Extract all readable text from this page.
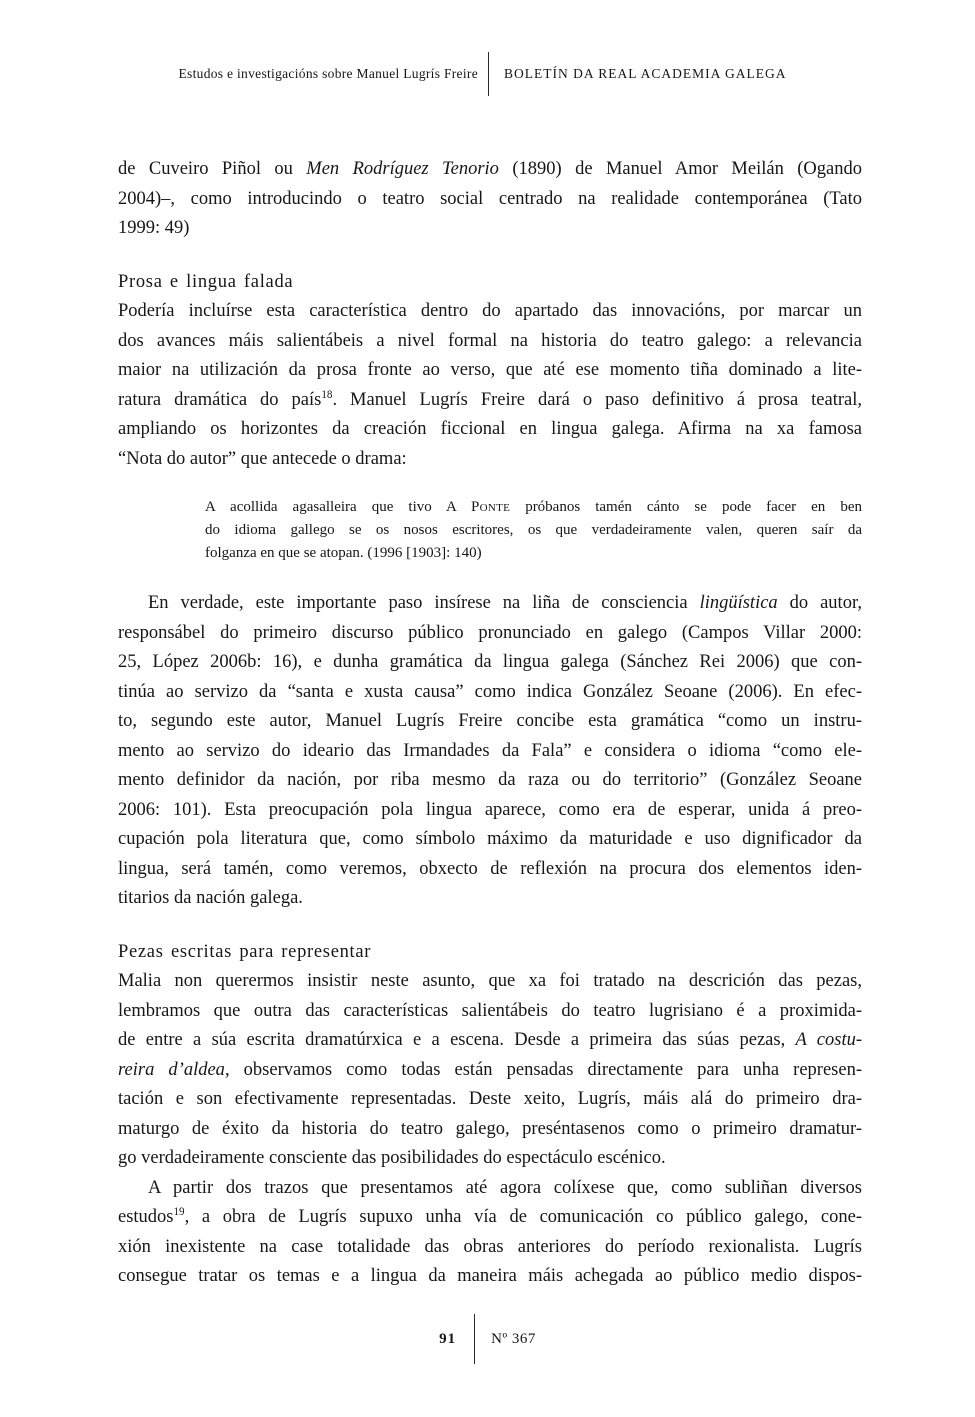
Estudos e investigacións sobre Manuel Lugrís Freire BOLETÍN DA REAL ACADEMIA GALEGA
de Cuveiro Piñol ou Men Rodríguez Tenorio (1890) de Manuel Amor Meilán (Ogando
2004)–, como introducindo o teatro social centrado na realidade contemporánea (Tato
1999: 49)
Prosa e lingua falada
Podería incluírse esta característica dentro do apartado das innovacións, por marcar un
dos avances máis salientábeis a nivel formal na historia do teatro galego: a relevancia
maior na utilización da prosa fronte ao verso, que até ese momento tiña dominado a lite-
ratura dramática do país$^{18}$. Manuel Lugrís Freire dará o paso definitivo á prosa teatral,
ampliando os horizontes da creación ficcional en lingua galega. Afirma na xa famosa
“Nota do autor” que antecede o drama:
A acollida agasalleira que tivo A Ponte próbanos tamén cánto se pode facer en ben
do idioma gallego se os nosos escritores, os que verdadeiramente valen, queren saír da
folganza en que se atopan. (1996 [1903]: 140)
En verdade, este importante paso insírese na liña de consciencia lingüística do autor,
responsábel do primeiro discurso público pronunciado en galego (Campos Villar 2000:
25, López 2006b: 16), e dunha gramática da lingua galega (Sánchez Rei 2006) que con-
tinúa ao servizo da “santa e xusta causa” como indica González Seoane (2006). En efec-
to, segundo este autor, Manuel Lugrís Freire concibe esta gramática “como un instru-
mento ao servizo do ideario das Irmandades da Fala” e considera o idioma “como ele-
mento definidor da nación, por riba mesmo da raza ou do territorio” (González Seoane
2006: 101). Esta preocupación pola lingua aparece, como era de esperar, unida á preo-
cupación pola literatura que, como símbolo máximo da maturidade e uso dignificador da
lingua, será tamén, como veremos, obxecto de reflexión na procura dos elementos iden-
titarios da nación galega.
Pezas escritas para representar
Malia non querermos insistir neste asunto, que xa foi tratado na descrición das pezas,
lembramos que outra das características salientábeis do teatro lugrisiano é a proximida-
de entre a súa escrita dramatúrxica e a escena. Desde a primeira das súas pezas, A costu-
reira d’aldea, observamos como todas están pensadas directamente para unha represen-
tación e son efectivamente representadas. Deste xeito, Lugrís, máis alá do primeiro dra-
maturgo de éxito da historia do teatro galego, preséntasenos como o primeiro dramatur-
go verdadeiramente consciente das posibilidades do espectáculo escénico.
A partir dos trazos que presentamos até agora colíxese que, como subliñan diversos
estudos$^{19}$, a obra de Lugrís supuxo unha vía de comunicación co público galego, cone-
xión inexistente na case totalidade das obras anteriores do período rexionalista. Lugrís
consegue tratar os temas e a lingua da maneira máis achegada ao público medio dispos-
91 Nº 367
